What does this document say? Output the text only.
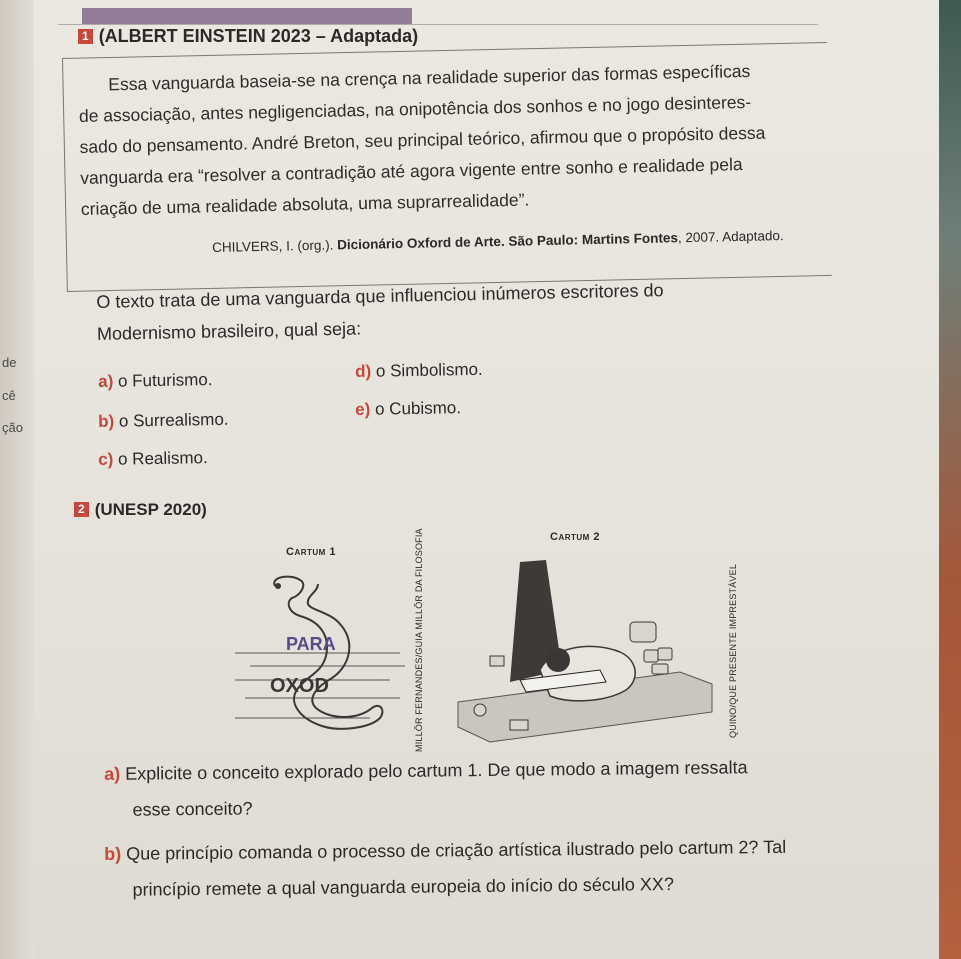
de
cê
ção
1 (ALBERT EINSTEIN 2023 – Adaptada)
Essa vanguarda baseia-se na crença na realidade superior das formas específicas
de associação, antes negligenciadas, na onipotência dos sonhos e no jogo desinteres-
sado do pensamento. André Breton, seu principal teórico, afirmou que o propósito dessa
vanguarda era “resolver a contradição até agora vigente entre sonho e realidade pela
criação de uma realidade absoluta, uma suprarrealidade”.
CHILVERS, I. (org.). Dicionário Oxford de Arte. São Paulo: Martins Fontes, 2007. Adaptado.
O texto trata de uma vanguarda que influenciou inúmeros escritores do
Modernismo brasileiro, qual seja:
a) o Futurismo.
b) o Surrealismo.
c) o Realismo.
d) o Simbolismo.
e) o Cubismo.
2 (UNESP 2020)
Cartum 1
PARA
OXOD	MILLÔR FERNANDES/GUIA MILLÔR DA FILOSOFIA	Cartum 2
QUINO/QUE PRESENTE IMPRESTÁVEL
a) Explicite o conceito explorado pelo cartum 1. De que modo a imagem ressalta
esse conceito?
b) Que princípio comanda o processo de criação artística ilustrado pelo cartum 2? Tal
princípio remete a qual vanguarda europeia do início do século XX?
